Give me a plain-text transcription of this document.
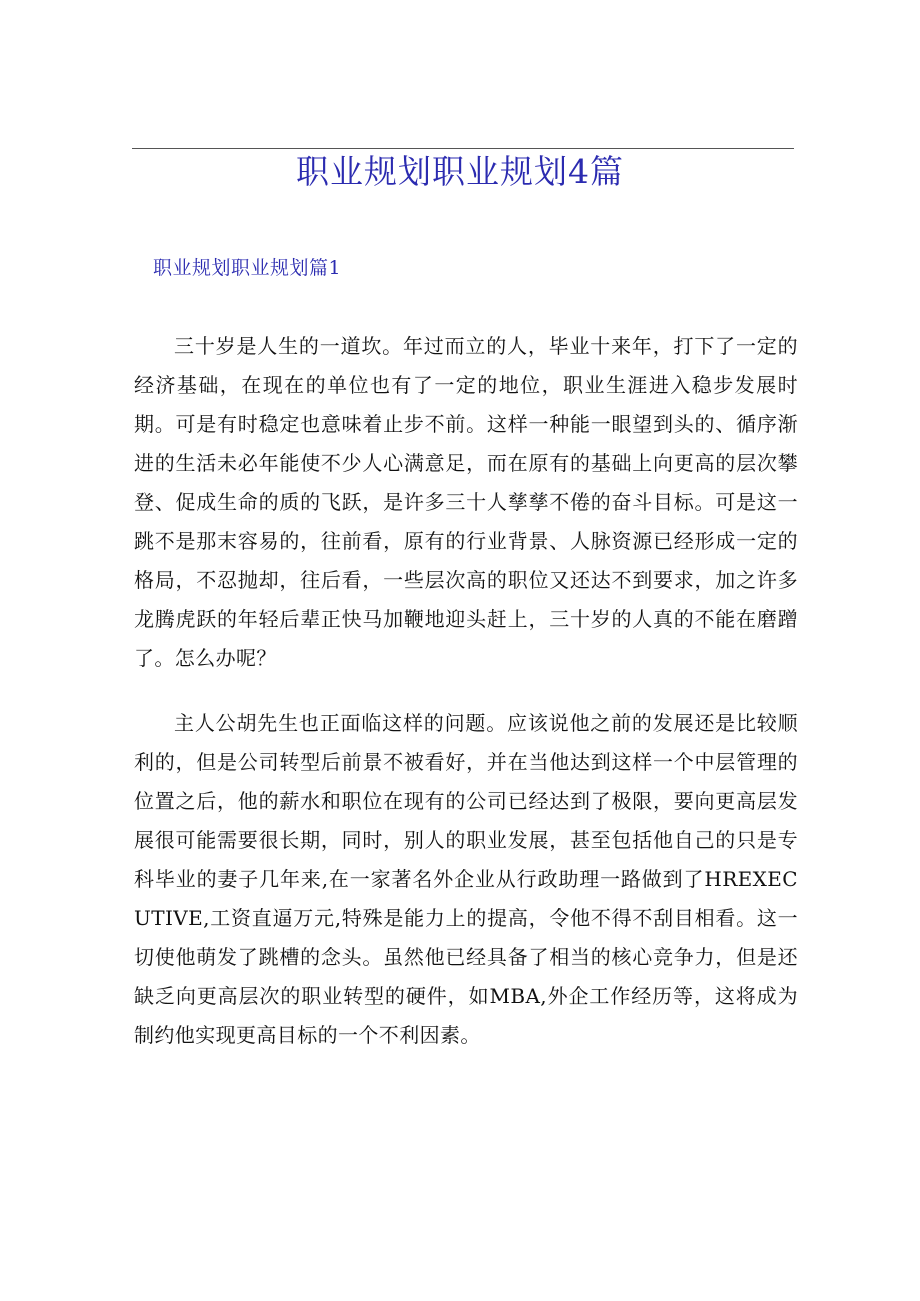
职业规划职业规划4篇
职业规划职业规划篇1

三十岁是人生的一道坎。年过而立的人，毕业十来年，打下了一定的经济基础，在现在的单位也有了一定的地位，职业生涯进入稳步发展时期。可是有时稳定也意味着止步不前。这样一种能一眼望到头的、循序渐进的生活未必年能使不少人心满意足，而在原有的基础上向更高的层次攀登、促成生命的质的飞跃，是许多三十人孳孳不倦的奋斗目标。可是这一跳不是那末容易的，往前看，原有的行业背景、人脉资源已经形成一定的格局，不忍抛却，往后看，一些层次高的职位又还达不到要求，加之许多龙腾虎跃的年轻后辈正快马加鞭地迎头赶上，三十岁的人真的不能在磨蹭了。怎么办呢？

主人公胡先生也正面临这样的问题。应该说他之前的发展还是比较顺利的，但是公司转型后前景不被看好，并在当他达到这样一个中层管理的位置之后，他的薪水和职位在现有的公司已经达到了极限，要向更高层发展很可能需要很长期，同时，别人的职业发展，甚至包括他自己的只是专科毕业的妻子几年来,在一家著名外企业从行政助理一路做到了HREXECUTIVE,工资直逼万元,特殊是能力上的提高，令他不得不刮目相看。这一切使他萌发了跳槽的念头。虽然他已经具备了相当的核心竞争力，但是还缺乏向更高层次的职业转型的硬件，如MBA,外企工作经历等，这将成为制约他实现更高目标的一个不利因素。
